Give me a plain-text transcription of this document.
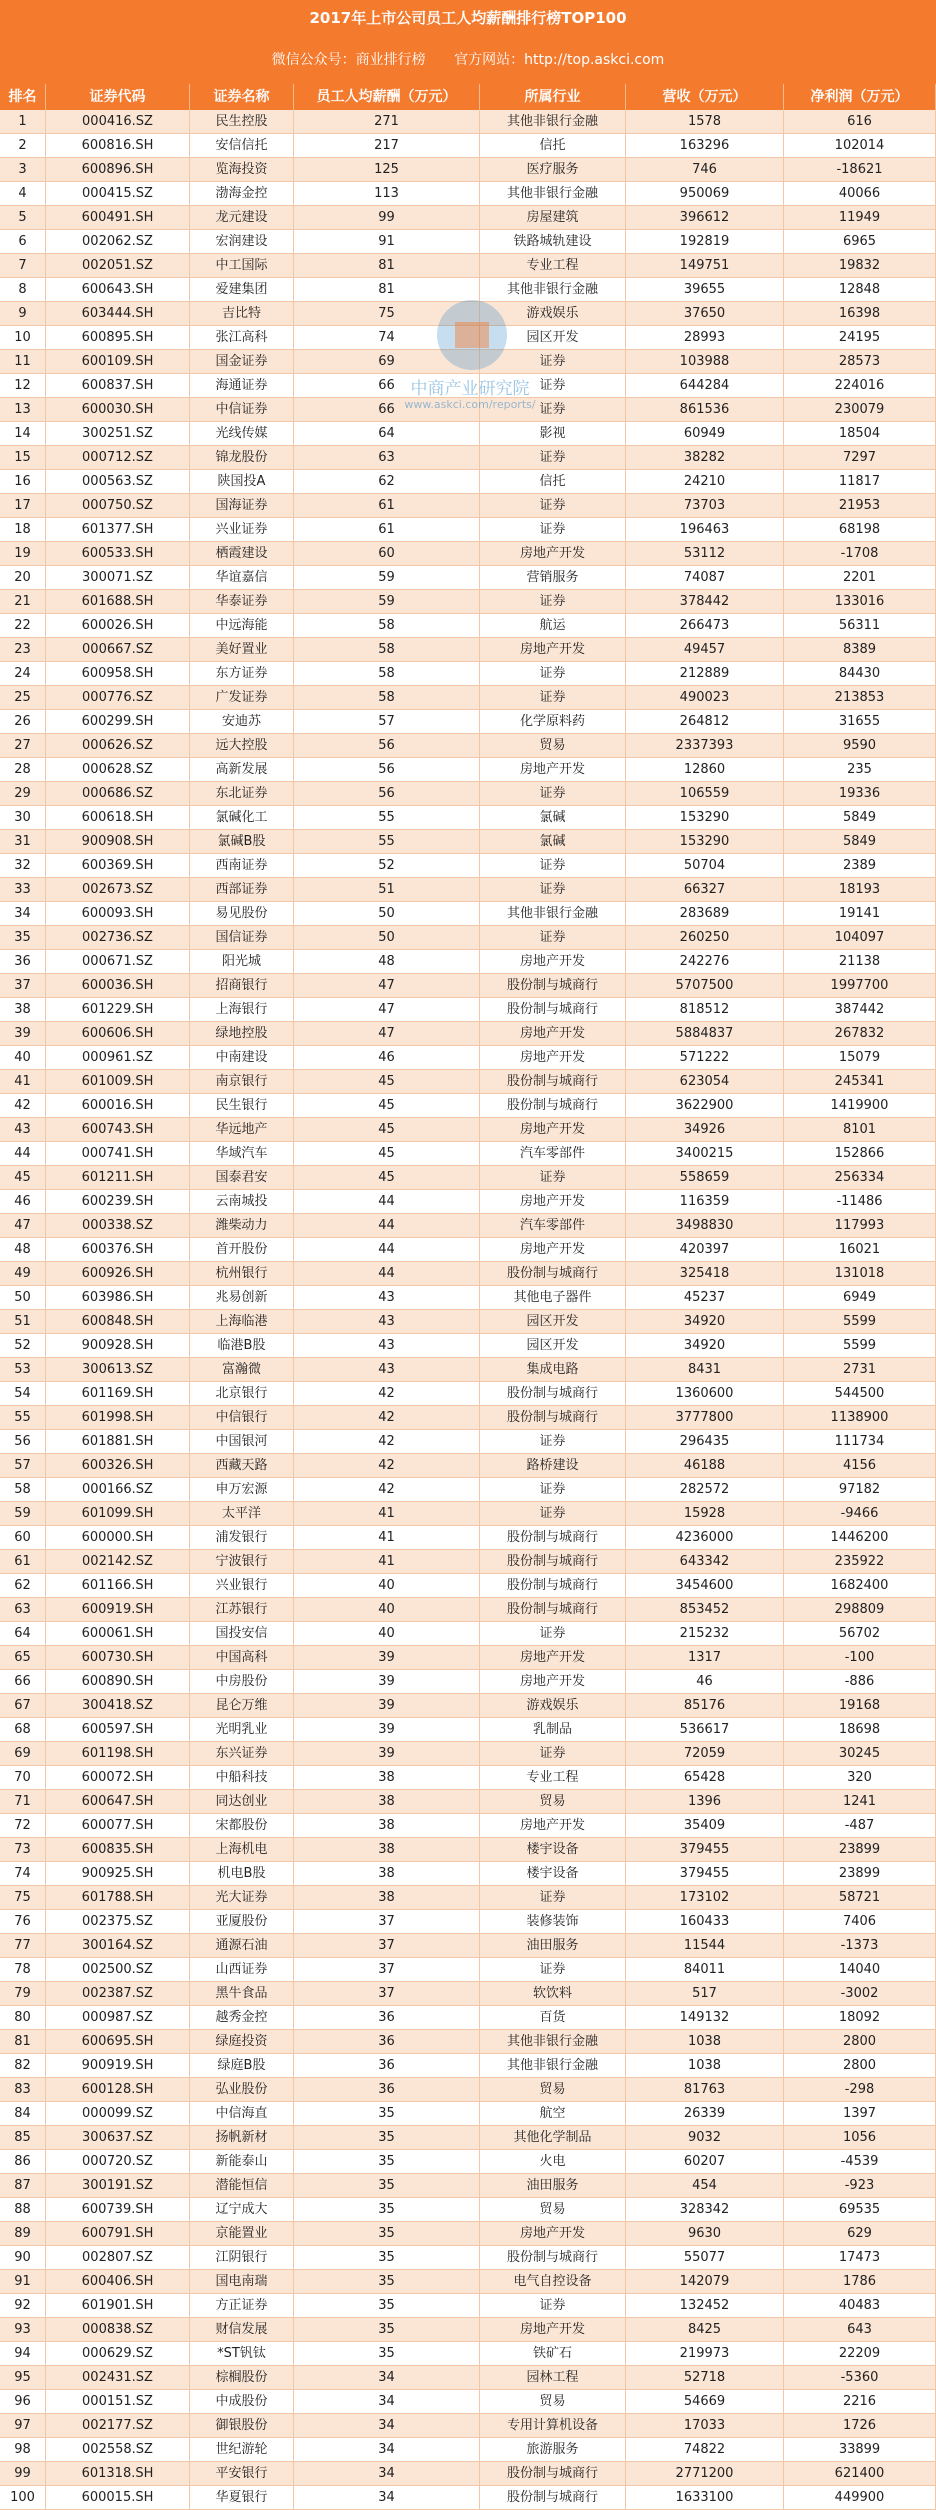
2017年上市公司员工人均薪酬排行榜TOP100
微信公众号：商业排行榜 官方网站：http://top.askci.com
排名	证券代码	证券名称	员工人均薪酬（万元）	所属行业	营收（万元）	净利润（万元）
1	000416.SZ	民生控股	271	其他非银行金融	1578	616
2	600816.SH	安信信托	217	信托	163296	102014
3	600896.SH	览海投资	125	医疗服务	746	-18621
4	000415.SZ	渤海金控	113	其他非银行金融	950069	40066
5	600491.SH	龙元建设	99	房屋建筑	396612	11949
6	002062.SZ	宏润建设	91	铁路城轨建设	192819	6965
7	002051.SZ	中工国际	81	专业工程	149751	19832
8	600643.SH	爱建集团	81	其他非银行金融	39655	12848
9	603444.SH	吉比特	75	游戏娱乐	37650	16398
10	600895.SH	张江高科	74	园区开发	28993	24195
11	600109.SH	国金证券	69	证券	103988	28573
12	600837.SH	海通证券	66	证券	644284	224016
13	600030.SH	中信证券	66	证券	861536	230079
14	300251.SZ	光线传媒	64	影视	60949	18504
15	000712.SZ	锦龙股份	63	证券	38282	7297
16	000563.SZ	陕国投A	62	信托	24210	11817
17	000750.SZ	国海证券	61	证券	73703	21953
18	601377.SH	兴业证券	61	证券	196463	68198
19	600533.SH	栖霞建设	60	房地产开发	53112	-1708
20	300071.SZ	华谊嘉信	59	营销服务	74087	2201
21	601688.SH	华泰证券	59	证券	378442	133016
22	600026.SH	中远海能	58	航运	266473	56311
23	000667.SZ	美好置业	58	房地产开发	49457	8389
24	600958.SH	东方证券	58	证券	212889	84430
25	000776.SZ	广发证券	58	证券	490023	213853
26	600299.SH	安迪苏	57	化学原料药	264812	31655
27	000626.SZ	远大控股	56	贸易	2337393	9590
28	000628.SZ	高新发展	56	房地产开发	12860	235
29	000686.SZ	东北证券	56	证券	106559	19336
30	600618.SH	氯碱化工	55	氯碱	153290	5849
31	900908.SH	氯碱B股	55	氯碱	153290	5849
32	600369.SH	西南证券	52	证券	50704	2389
33	002673.SZ	西部证券	51	证券	66327	18193
34	600093.SH	易见股份	50	其他非银行金融	283689	19141
35	002736.SZ	国信证券	50	证券	260250	104097
36	000671.SZ	阳光城	48	房地产开发	242276	21138
37	600036.SH	招商银行	47	股份制与城商行	5707500	1997700
38	601229.SH	上海银行	47	股份制与城商行	818512	387442
39	600606.SH	绿地控股	47	房地产开发	5884837	267832
40	000961.SZ	中南建设	46	房地产开发	571222	15079
41	601009.SH	南京银行	45	股份制与城商行	623054	245341
42	600016.SH	民生银行	45	股份制与城商行	3622900	1419900
43	600743.SH	华远地产	45	房地产开发	34926	8101
44	000741.SH	华域汽车	45	汽车零部件	3400215	152866
45	601211.SH	国泰君安	45	证券	558659	256334
46	600239.SH	云南城投	44	房地产开发	116359	-11486
47	000338.SZ	潍柴动力	44	汽车零部件	3498830	117993
48	600376.SH	首开股份	44	房地产开发	420397	16021
49	600926.SH	杭州银行	44	股份制与城商行	325418	131018
50	603986.SH	兆易创新	43	其他电子器件	45237	6949
51	600848.SH	上海临港	43	园区开发	34920	5599
52	900928.SH	临港B股	43	园区开发	34920	5599
53	300613.SZ	富瀚微	43	集成电路	8431	2731
54	601169.SH	北京银行	42	股份制与城商行	1360600	544500
55	601998.SH	中信银行	42	股份制与城商行	3777800	1138900
56	601881.SH	中国银河	42	证券	296435	111734
57	600326.SH	西藏天路	42	路桥建设	46188	4156
58	000166.SZ	申万宏源	42	证券	282572	97182
59	601099.SH	太平洋	41	证券	15928	-9466
60	600000.SH	浦发银行	41	股份制与城商行	4236000	1446200
61	002142.SZ	宁波银行	41	股份制与城商行	643342	235922
62	601166.SH	兴业银行	40	股份制与城商行	3454600	1682400
63	600919.SH	江苏银行	40	股份制与城商行	853452	298809
64	600061.SH	国投安信	40	证券	215232	56702
65	600730.SH	中国高科	39	房地产开发	1317	-100
66	600890.SH	中房股份	39	房地产开发	46	-886
67	300418.SZ	昆仑万维	39	游戏娱乐	85176	19168
68	600597.SH	光明乳业	39	乳制品	536617	18698
69	601198.SH	东兴证券	39	证券	72059	30245
70	600072.SH	中船科技	38	专业工程	65428	320
71	600647.SH	同达创业	38	贸易	1396	1241
72	600077.SH	宋都股份	38	房地产开发	35409	-487
73	600835.SH	上海机电	38	楼宇设备	379455	23899
74	900925.SH	机电B股	38	楼宇设备	379455	23899
75	601788.SH	光大证券	38	证券	173102	58721
76	002375.SZ	亚厦股份	37	装修装饰	160433	7406
77	300164.SZ	通源石油	37	油田服务	11544	-1373
78	002500.SZ	山西证券	37	证券	84011	14040
79	002387.SZ	黑牛食品	37	软饮料	517	-3002
80	000987.SZ	越秀金控	36	百货	149132	18092
81	600695.SH	绿庭投资	36	其他非银行金融	1038	2800
82	900919.SH	绿庭B股	36	其他非银行金融	1038	2800
83	600128.SH	弘业股份	36	贸易	81763	-298
84	000099.SZ	中信海直	35	航空	26339	1397
85	300637.SZ	扬帆新材	35	其他化学制品	9032	1056
86	000720.SZ	新能泰山	35	火电	60207	-4539
87	300191.SZ	潜能恒信	35	油田服务	454	-923
88	600739.SH	辽宁成大	35	贸易	328342	69535
89	600791.SH	京能置业	35	房地产开发	9630	629
90	002807.SZ	江阴银行	35	股份制与城商行	55077	17473
91	600406.SH	国电南瑞	35	电气自控设备	142079	1786
92	601901.SH	方正证券	35	证券	132452	40483
93	000838.SZ	财信发展	35	房地产开发	8425	643
94	000629.SZ	*ST钒钛	35	铁矿石	219973	22209
95	002431.SZ	棕榈股份	34	园林工程	52718	-5360
96	000151.SZ	中成股份	34	贸易	54669	2216
97	002177.SZ	御银股份	34	专用计算机设备	17033	1726
98	002558.SZ	世纪游轮	34	旅游服务	74822	33899
99	601318.SH	平安银行	34	股份制与城商行	2771200	621400
100	600015.SH	华夏银行	34	股份制与城商行	1633100	449900
中商产业研究院
www.askci.com/reports/
